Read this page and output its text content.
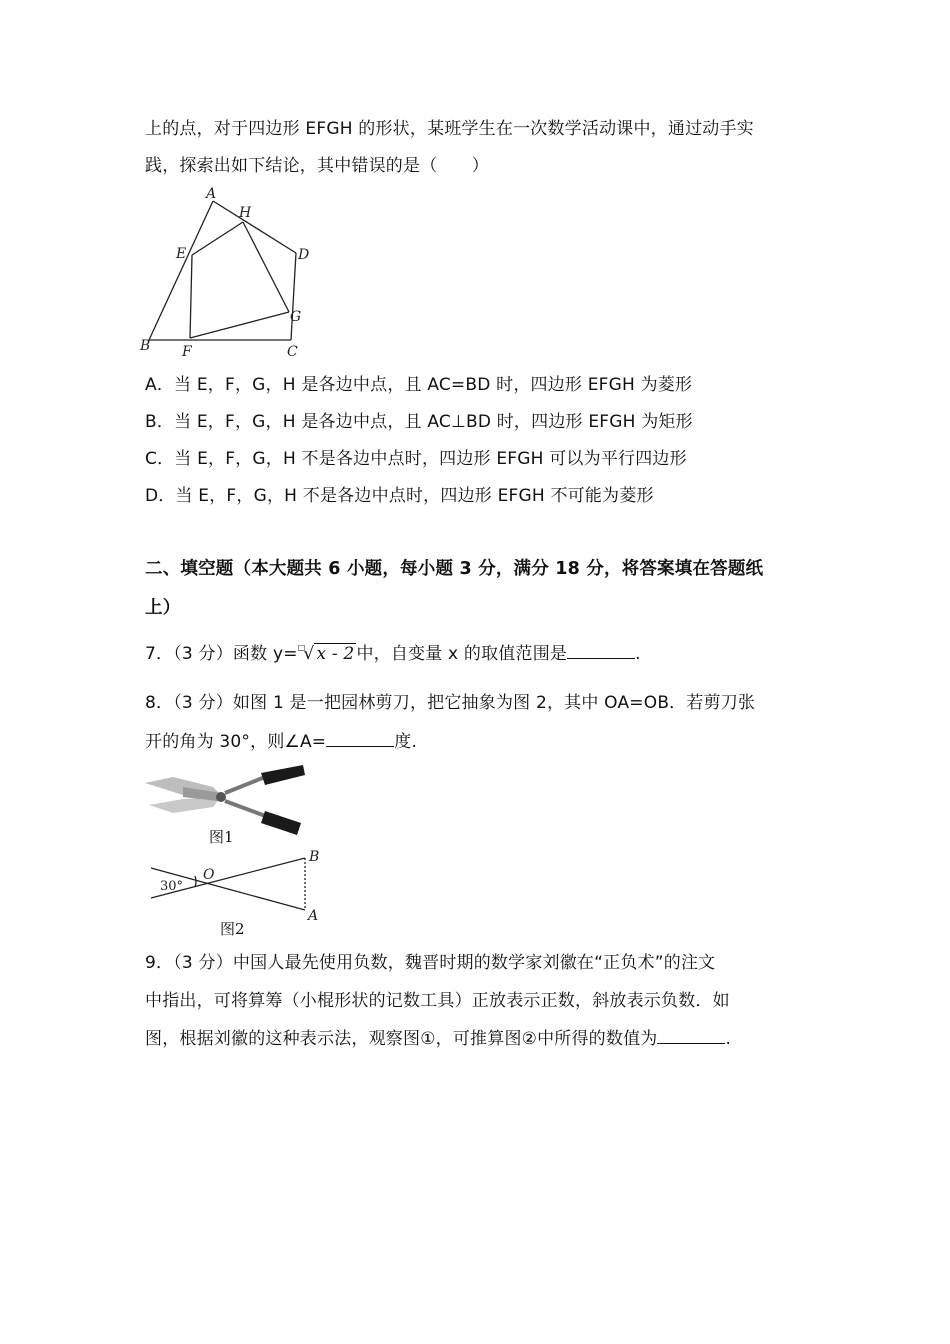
上的点，对于四边形 EFGH 的形状，某班学生在一次数学活动课中，通过动手实
践，探索出如下结论，其中错误的是（　　）
A
H
E	D
G
B F	C
A．当 E，F，G，H 是各边中点，且 AC=BD 时，四边形 EFGH 为菱形
B．当 E，F，G，H 是各边中点，且 AC⊥BD 时，四边形 EFGH 为矩形
C．当 E，F，G，H 不是各边中点时，四边形 EFGH 可以为平行四边形
D．当 E，F，G，H 不是各边中点时，四边形 EFGH 不可能为菱形
二、填空题（本大题共 6 小题，每小题 3 分，满分 18 分，将答案填在答题纸
上）
7．（3 分）函数 y=□√ x - 2 中，自变量 x 的取值范围是	.
8．（3 分）如图 1 是一把园林剪刀，把它抽象为图 2，其中 OA=OB．若剪刀张
开的角为 30°，则∠A=	度.
图1
O
B
A
30°
图2
9．（3 分）中国人最先使用负数，魏晋时期的数学家刘徽在“正负术”的注文
中指出，可将算筹（小棍形状的记数工具）正放表示正数，斜放表示负数．如
图，根据刘徽的这种表示法，观察图①，可推算图②中所得的数值为	.
